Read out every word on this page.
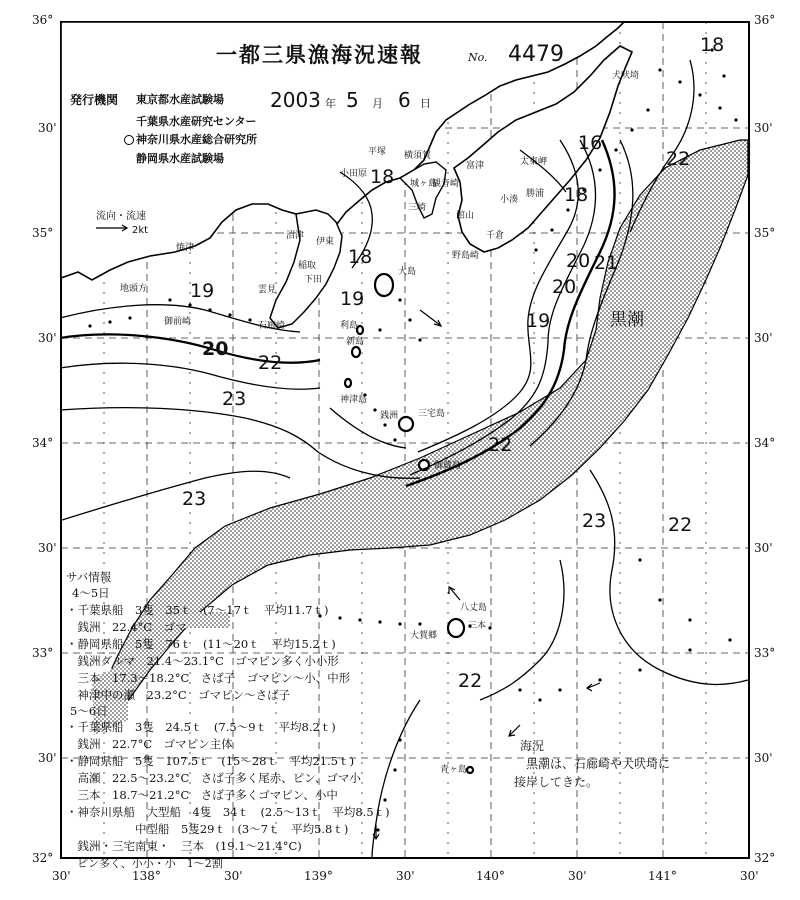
一都三県漁海況速報	No. 4479
発行機関 東京都水産試験場
千葉県水産研究センター
神奈川県水産総合研究所
静岡県水産試験場
2003 年 5 月 6 日
流向・流速
2kt
36°
30'
35°
30'
34°
30'
33°
30'
32°
36°
30'
35°
30'
34°
30'
33°
30'
32°
30'	138°	30'	139°	30'	140°	30'	141°	30'
犬吠埼
太東岬
勝浦
小湊
千倉
野島崎
館山
富津
観音崎
横須賀
平塚
小田原
城ヶ島
三崎
沼津
伊東
稲取
下田
雲見
焼津
地頭方
御前崎	石廊崎
大島
利島
新島
神津島
三宅島
御蔵島
銭洲
八丈島
三本
大賀郷
青ヶ島
18
16
22
18
18
20 21
20
19
19
22
23
22
23
23	22
22
19
20
18
黒潮
サバ情報
4～5日
・千葉県船　3隻　35ｔ　(7～17ｔ　平均11.7ｔ)
　銭洲　22.4°C　ゴマ
・静岡県船　5隻　76ｔ　(11～20ｔ　平均15.2ｔ)
　銭洲ダルマ　21.4～23.1°C　ゴマピン多く小小形
　三本　17.3～18.2°C　さば子　ゴマピン～小、中形
　神津中の瀬　23.2°C　ゴマピン～さば子
5～6日
・千葉県船　3隻　24.5ｔ　(7.5～9ｔ　平均8.2ｔ)
　銭洲　22.7°C　ゴマピン主体
・静岡県船　5隻　107.5ｔ　(15～28ｔ　平均21.5ｔ)
　高瀬　22.5～23.2°C　さば子多く尾赤、ピン、ゴマ小
　三本　18.7～21.2°C　さば子多くゴマピン、小中
・神奈川県船　大型船　4隻　34ｔ　(2.5～13ｔ　平均8.5ｔ)
　　　　　　中型船　5隻29ｔ　(3～7ｔ　平均5.8ｔ)
　銭洲・三宅南東・　三本　(19.1～21.4°C)
　ピン多く、小小・小　1～2割
海況
　黒潮は、石廊崎や犬吠埼に
接岸してきた。
